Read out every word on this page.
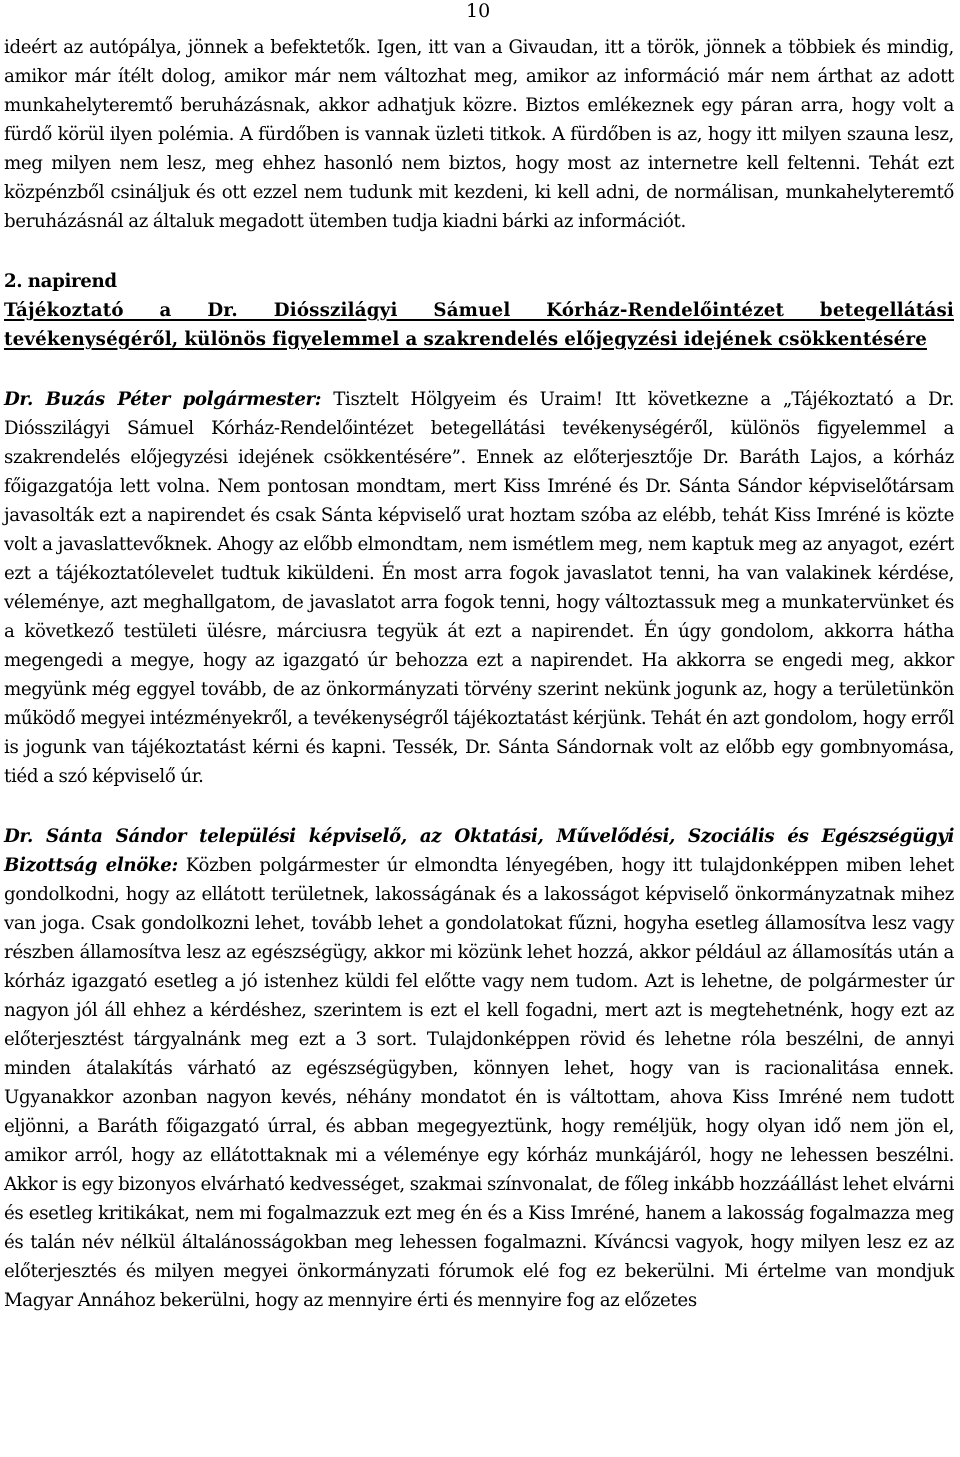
10

ideért az autópálya, jönnek a befektetők. Igen, itt van a Givaudan, itt a török, jönnek a többiek és mindig, amikor már ítélt dolog, amikor már nem változhat meg, amikor az információ már nem árthat az adott munkahelyteremtő beruházásnak, akkor adhatjuk közre. Biztos emlékeznek egy páran arra, hogy volt a fürdő körül ilyen polémia. A fürdőben is vannak üzleti titkok. A fürdőben is az, hogy itt milyen szauna lesz, meg milyen nem lesz, meg ehhez hasonló nem biztos, hogy most az internetre kell feltenni. Tehát ezt közpénzből csináljuk és ott ezzel nem tudunk mit kezdeni, ki kell adni, de normálisan, munkahelyteremtő beruházásnál az általuk megadott ütemben tudja kiadni bárki az információt.

2. napirend

Tájékoztató a Dr. Diósszilágyi Sámuel Kórház-Rendelőintézet betegellátási tevékenységéről, különös figyelemmel a szakrendelés előjegyzési idejének csökkentésére

Dr. Buzás Péter polgármester: Tisztelt Hölgyeim és Uraim! Itt következne a „Tájékoztató a Dr. Diósszilágyi Sámuel Kórház-Rendelőintézet betegellátási tevékenységéről, különös figyelemmel a szakrendelés előjegyzési idejének csökkentésére”. Ennek az előterjesztője Dr. Baráth Lajos, a kórház főigazgatója lett volna. Nem pontosan mondtam, mert Kiss Imréné és Dr. Sánta Sándor képviselőtársam javasolták ezt a napirendet és csak Sánta képviselő urat hoztam szóba az elébb, tehát Kiss Imréné is közte volt a javaslattevőknek. Ahogy az előbb elmondtam, nem ismétlem meg, nem kaptuk meg az anyagot, ezért ezt a tájékoztatólevelet tudtuk kiküldeni. Én most arra fogok javaslatot tenni, ha van valakinek kérdése, véleménye, azt meghallgatom, de javaslatot arra fogok tenni, hogy változtassuk meg a munkatervünket és a következő testületi ülésre, márciusra tegyük át ezt a napirendet. Én úgy gondolom, akkorra hátha megengedi a megye, hogy az igazgató úr behozza ezt a napirendet. Ha akkorra se engedi meg, akkor megyünk még eggyel tovább, de az önkormányzati törvény szerint nekünk jogunk az, hogy a területünkön működő megyei intézményekről, a tevékenységről tájékoztatást kérjünk. Tehát én azt gondolom, hogy erről is jogunk van tájékoztatást kérni és kapni. Tessék, Dr. Sánta Sándornak volt az előbb egy gombnyomása, tiéd a szó képviselő úr.

Dr. Sánta Sándor települési képviselő, az Oktatási, Művelődési, Szociális és Egészségügyi Bizottság elnöke: Közben polgármester úr elmondta lényegében, hogy itt tulajdonképpen miben lehet gondolkodni, hogy az ellátott területnek, lakosságának és a lakosságot képviselő önkormányzatnak mihez van joga. Csak gondolkozni lehet, tovább lehet a gondolatokat fűzni, hogyha esetleg államosítva lesz vagy részben államosítva lesz az egészségügy, akkor mi közünk lehet hozzá, akkor például az államosítás után a kórház igazgató esetleg a jó istenhez küldi fel előtte vagy nem tudom. Azt is lehetne, de polgármester úr nagyon jól áll ehhez a kérdéshez, szerintem is ezt el kell fogadni, mert azt is megtehetnénk, hogy ezt az előterjesztést tárgyalnánk meg ezt a 3 sort. Tulajdonképpen rövid és lehetne róla beszélni, de annyi minden átalakítás várható az egészségügyben, könnyen lehet, hogy van is racionalitása ennek. Ugyanakkor azonban nagyon kevés, néhány mondatot én is váltottam, ahova Kiss Imréné nem tudott eljönni, a Baráth főigazgató úrral, és abban megegyeztünk, hogy reméljük, hogy olyan idő nem jön el, amikor arról, hogy az ellátottaknak mi a véleménye egy kórház munkájáról, hogy ne lehessen beszélni. Akkor is egy bizonyos elvárható kedvességet, szakmai színvonalat, de főleg inkább hozzáállást lehet elvárni és esetleg kritikákat, nem mi fogalmazzuk ezt meg én és a Kiss Imréné, hanem a lakosság fogalmazza meg és talán név nélkül általánosságokban meg lehessen fogalmazni. Kíváncsi vagyok, hogy milyen lesz ez az előterjesztés és milyen megyei önkormányzati fórumok elé fog ez bekerülni. Mi értelme van mondjuk Magyar Annához bekerülni, hogy az mennyire érti és mennyire fog az előzetes
